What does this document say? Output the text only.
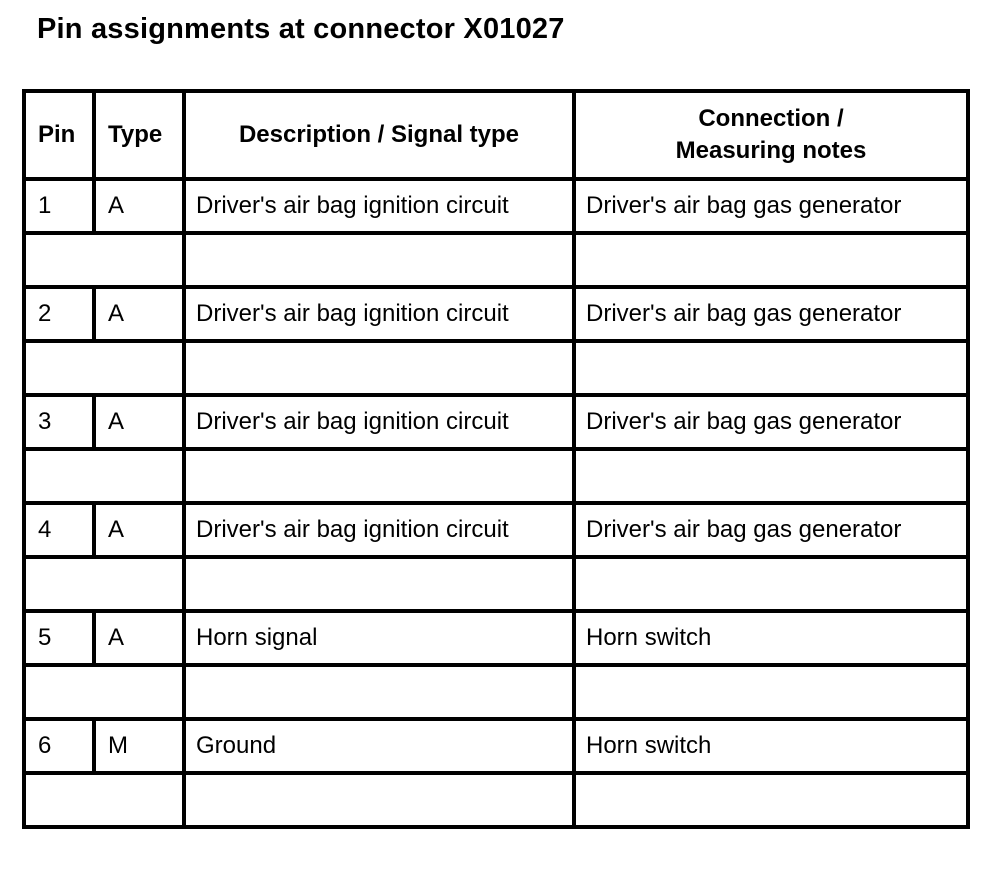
Pin assignments at connector X01027
Pin	Type	Description / Signal type	Connection /
Measuring notes

1	A	Driver's air bag ignition circuit	Driver's air bag gas generator

2	A	Driver's air bag ignition circuit	Driver's air bag gas generator

3	A	Driver's air bag ignition circuit	Driver's air bag gas generator

4	A	Driver's air bag ignition circuit	Driver's air bag gas generator

5	A	Horn signal	Horn switch

6	M	Ground	Horn switch
